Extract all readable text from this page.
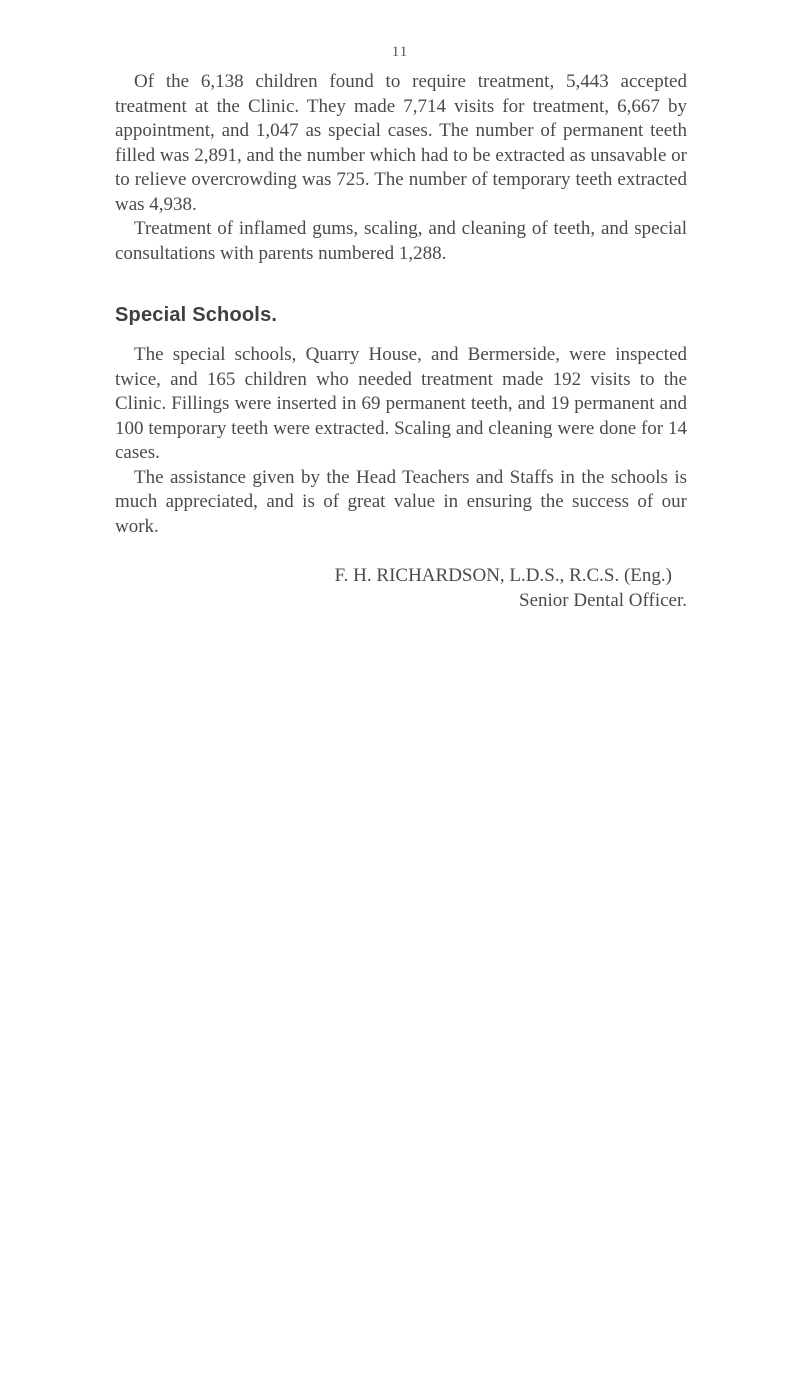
11

Of the 6,138 children found to require treatment, 5,443 accepted treatment at the Clinic. They made 7,714 visits for treatment, 6,667 by appointment, and 1,047 as special cases. The number of permanent teeth filled was 2,891, and the number which had to be extracted as unsavable or to relieve overcrowding was 725. The number of temporary teeth extracted was 4,938.

Treatment of inflamed gums, scaling, and cleaning of teeth, and special consultations with parents numbered 1,288.

Special Schools.

The special schools, Quarry House, and Bermerside, were inspected twice, and 165 children who needed treatment made 192 visits to the Clinic. Fillings were inserted in 69 permanent teeth, and 19 permanent and 100 temporary teeth were extracted. Scaling and cleaning were done for 14 cases.

The assistance given by the Head Teachers and Staffs in the schools is much appreciated, and is of great value in ensuring the success of our work.

F. H. RICHARDSON, L.D.S., R.C.S. (Eng.)
Senior Dental Officer.
